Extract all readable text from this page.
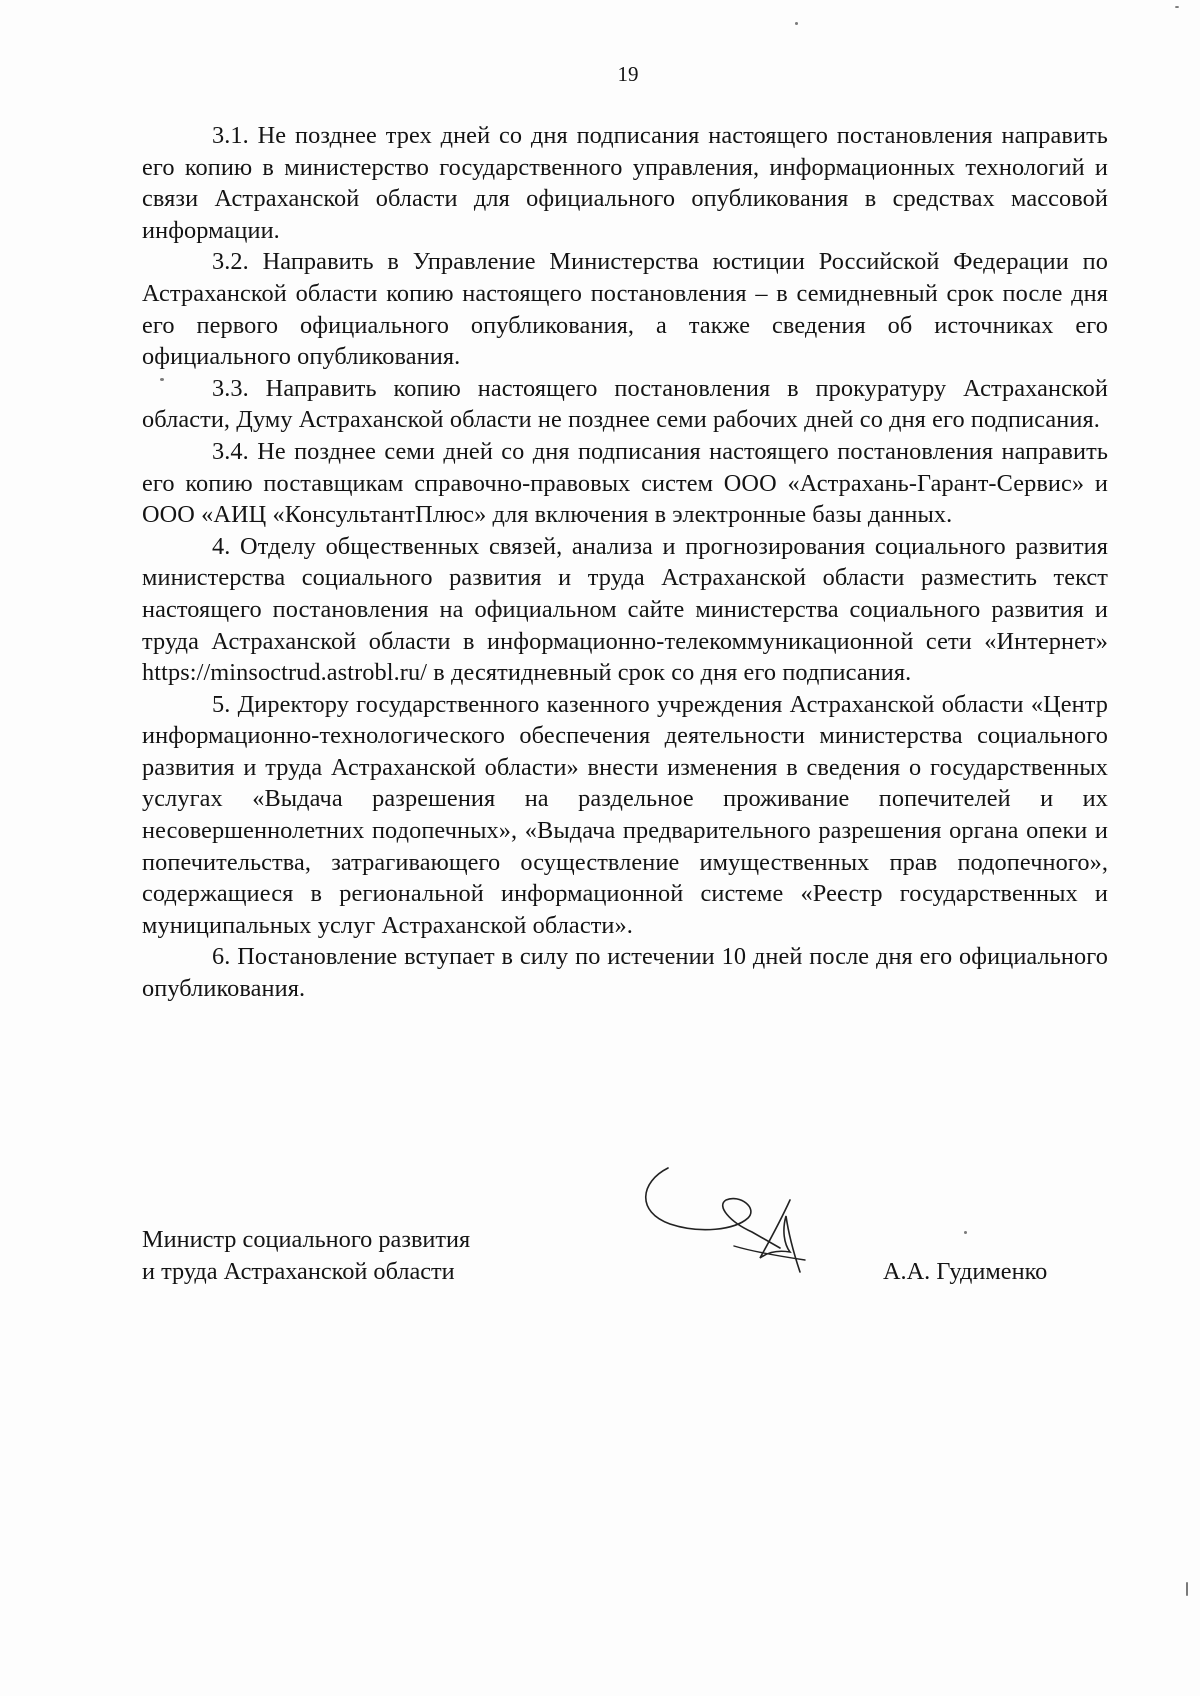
19

3.1. Не позднее трех дней со дня подписания настоящего постановления направить его копию в министерство государственного управления, информационных технологий и связи Астраханской области для официального опубликования в средствах массовой информации.

3.2. Направить в Управление Министерства юстиции Российской Федерации по Астраханской области копию настоящего постановления – в семидневный срок после дня его первого официального опубликования, а также сведения об источниках его официального опубликования.

3.3. Направить копию настоящего постановления в прокуратуру Астраханской области, Думу Астраханской области не позднее семи рабочих дней со дня его подписания.

3.4. Не позднее семи дней со дня подписания настоящего постановления направить его копию поставщикам справочно-правовых систем ООО «Астрахань-Гарант-Сервис» и ООО «АИЦ «КонсультантПлюс» для включения в электронные базы данных.

4. Отделу общественных связей, анализа и прогнозирования социального развития министерства социального развития и труда Астраханской области разместить текст настоящего постановления на официальном сайте министерства социального развития и труда Астраханской области в информационно-телекоммуникационной сети «Интернет» https://minsoctrud.astrobl.ru/ в десятидневный срок со дня его подписания.

5. Директору государственного казенного учреждения Астраханской области «Центр информационно-технологического обеспечения деятельности министерства социального развития и труда Астраханской области» внести изменения в сведения о государственных услугах «Выдача разрешения на раздельное проживание попечителей и их несовершеннолетних подопечных», «Выдача предварительного разрешения органа опеки и попечительства, затрагивающего осуществление имущественных прав подопечного», содержащиеся в региональной информационной системе «Реестр государственных и муниципальных услуг Астраханской области».

6. Постановление вступает в силу по истечении 10 дней после дня его официального опубликования.

Министр социального развития
и труда Астраханской области	А.А. Гудименко
